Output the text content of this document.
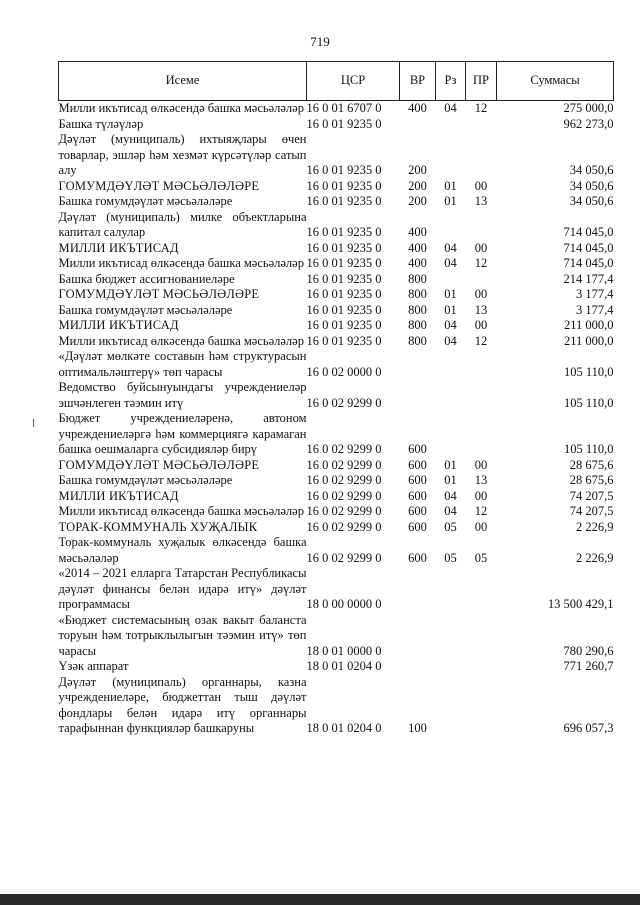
719
Исеме	ЦСР	ВР	Рз	ПР	Суммасы
Милли икътисад өлкәсендә башка мәсьәләләр	16 0 01 6707 0	400	04	12	275 000,0
Башка түләүләр	16 0 01 9235 0				962 273,0
Дәүләт (муниципаль) ихтыяҗлары өчен товарлар, эшләр һәм хезмәт күрсәтүләр сатып алу	16 0 01 9235 0	200			34 050,6
ГОМУМДӘҮЛӘТ МӘСЬӘЛӘЛӘРЕ	16 0 01 9235 0	200	01	00	34 050,6
Башка гомумдәүләт мәсьәләләре	16 0 01 9235 0	200	01	13	34 050,6
Дәүләт (муниципаль) милке объектларына капитал салулар	16 0 01 9235 0	400			714 045,0
МИЛЛИ ИКЪТИСАД	16 0 01 9235 0	400	04	00	714 045,0
Милли икътисад өлкәсендә башка мәсьәләләр	16 0 01 9235 0	400	04	12	714 045,0
Башка бюджет ассигнованиеләре	16 0 01 9235 0	800			214 177,4
ГОМУМДӘҮЛӘТ МӘСЬӘЛӘЛӘРЕ	16 0 01 9235 0	800	01	00	3 177,4
Башка гомумдәүләт мәсьәләләре	16 0 01 9235 0	800	01	13	3 177,4
МИЛЛИ ИКЪТИСАД	16 0 01 9235 0	800	04	00	211 000,0
Милли икътисад өлкәсендә башка мәсьәләләр	16 0 01 9235 0	800	04	12	211 000,0
«Дәүләт мөлкәте составын һәм структурасын оптимальләштерү» төп чарасы	16 0 02 0000 0				105 110,0
Ведомство буйсынуындагы учреждениеләр эшчәнлеген тәэмин итү	16 0 02 9299 0				105 110,0
Бюджет учреждениеләренә, автоном учреждениеләргә һәм коммерциягә карамаган башка оешмаларга субсидияләр бирү	16 0 02 9299 0	600			105 110,0
ГОМУМДӘҮЛӘТ МӘСЬӘЛӘЛӘРЕ	16 0 02 9299 0	600	01	00	28 675,6
Башка гомумдәүләт мәсьәләләре	16 0 02 9299 0	600	01	13	28 675,6
МИЛЛИ ИКЪТИСАД	16 0 02 9299 0	600	04	00	74 207,5
Милли икътисад өлкәсендә башка мәсьәләләр	16 0 02 9299 0	600	04	12	74 207,5
ТОРАК-КОММУНАЛЬ ХУҖАЛЫК	16 0 02 9299 0	600	05	00	2 226,9
Торак-коммуналь хуҗалык өлкәсендә башка мәсьәләләр	16 0 02 9299 0	600	05	05	2 226,9
«2014 – 2021 елларга Татарстан Республикасы дәүләт финансы белән идарә итү» дәүләт программасы	18 0 00 0000 0				13 500 429,1
«Бюджет системасының озак вакыт баланста торуын һәм тотрыклылыгын тәэмин итү» төп чарасы	18 0 01 0000 0				780 290,6
Үзәк аппарат	18 0 01 0204 0				771 260,7
Дәүләт (муниципаль) органнары, казна учреждениеләре, бюджеттан тыш дәүләт фондлары белән идарә итү органнары тарафыннан функцияләр башкаруны	18 0 01 0204 0	100			696 057,3
